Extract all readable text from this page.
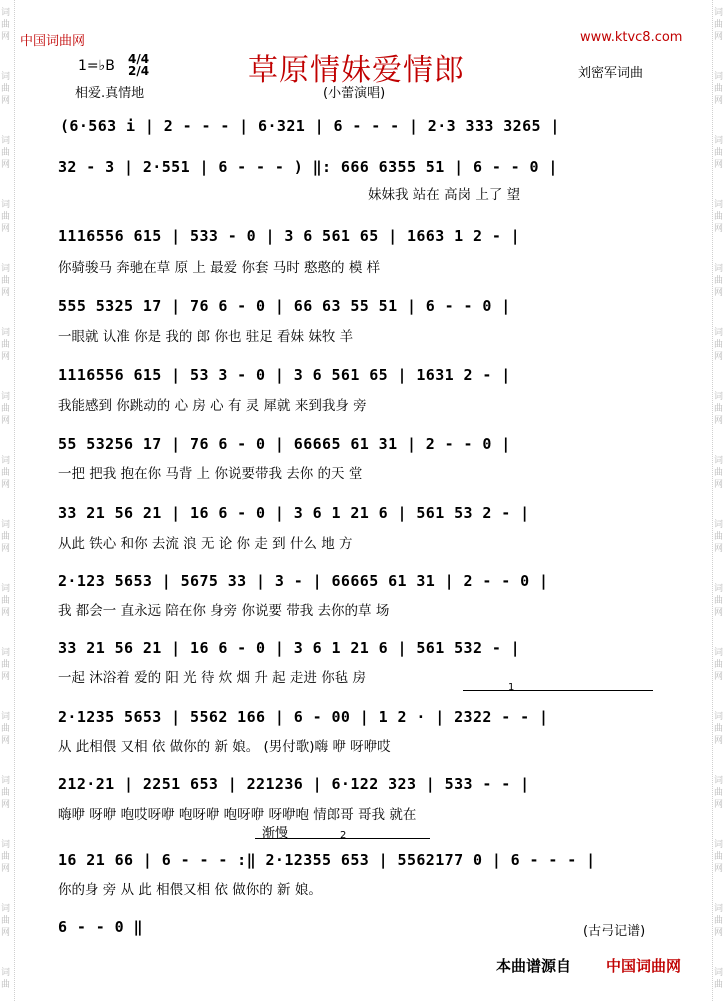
词
曲
网
词
曲
网
词
曲
网
词
曲
网
词
曲
网
词
曲
网
词
曲
网
词
曲
网
词
曲
网
词
曲
网
词
曲
网
词
曲
网
词
曲
网
词
曲
网
词
曲
网
词
曲
词
曲
网
词
曲
网
词
曲
网
词
曲
网
词
曲
网
词
曲
网
词
曲
网
词
曲
网
词
曲
网
词
曲
网
词
曲
网
词
曲
网
词
曲
网
词
曲
网
词
曲
网
词
曲
中国词曲网	www.ktvc8.com
草原情妹爱情郎
1=♭B 4/4 2/4
相爱.真情地	(小蕾演唱)
刘密军词曲
(6·563 i | 2 - - - | 6·321 | 6 - - - | 2·3 333 3265 |
32 - 3 | 2·551 | 6 - - - ) ‖: 666 6355 51 | 6 - - 0 |
妹妹我 站在 高岗 上了 望
1116556 615 | 533 - 0 | 3 6 561 65 | 1663 1 2 - |
你骑骏马 奔驰在草 原 上 最爱 你套 马时 憨憨的 模 样
555 5325 17 | 76 6 - 0 | 66 63 55 51 | 6 - - 0 |
一眼就 认准 你是 我的 郎 你也 驻足 看妹 妹牧 羊
1116556 615 | 53 3 - 0 | 3 6 561 65 | 1631 2 - |
我能感到 你跳动的 心 房 心 有 灵 犀就 来到我身 旁
55 53256 17 | 76 6 - 0 | 66665 61 31 | 2 - - 0 |
一把 把我 抱在你 马背 上 你说要带我 去你 的天 堂
33 21 56 21 | 16 6 - 0 | 3 6 1 21 6 | 561 53 2 - |
从此 铁心 和你 去流 浪 无 论 你 走 到 什么 地 方
2·123 5653 | 5675 33 | 3 - | 66665 61 31 | 2 - - 0 |
我 都会一 直永远 陪在你 身旁 你说要 带我 去你的草 场
33 21 56 21 | 16 6 - 0 | 3 6 1 21 6 | 561 532 - |
一起 沐浴着 爱的 阳 光 待 炊 烟 升 起 走进 你毡 房
1
2·1235 5653 | 5562 166 | 6 - 00 | 1 2 · | 2322 - - |
从 此相偎 又相 依 做你的 新 娘。 (男付歌)嗨 咿 呀咿哎
212·21 | 2251 653 | 221236 | 6·122 323 | 533 - - |
嗨咿 呀咿 咆哎呀咿 咆呀咿 咆呀咿 呀咿咆 情郎哥 哥我 就在
渐慢	2
16 21 66 | 6 - - - :‖ 2·12355 653 | 5562177 0 | 6 - - - |
你的身 旁 从 此 相偎又相 依 做你的 新 娘。
6 - - 0 ‖	(古弓记谱)
本曲谱源自 中国词曲网
